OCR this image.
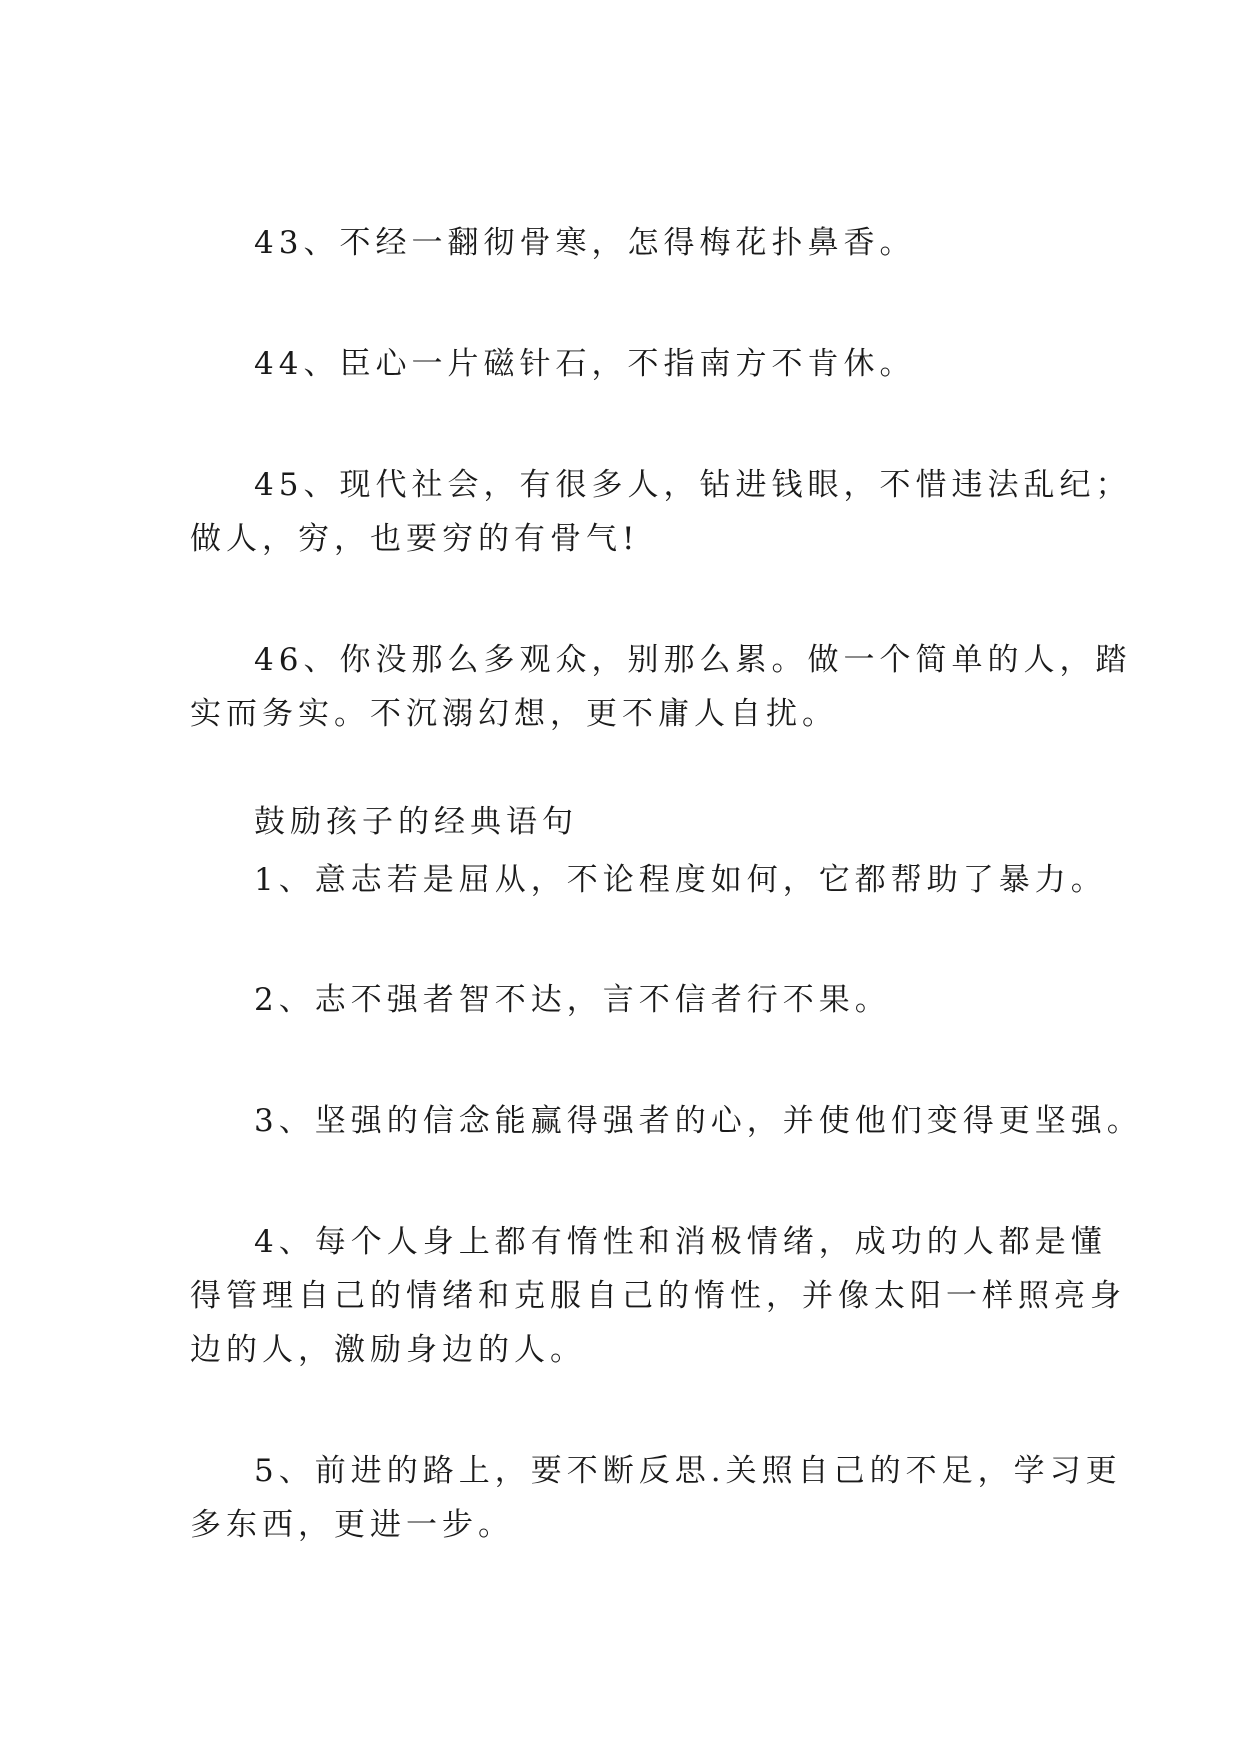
43、不经一翻彻骨寒，怎得梅花扑鼻香。

44、臣心一片磁针石，不指南方不肯休。

45、现代社会，有很多人，钻进钱眼，不惜违法乱纪；

做人，穷，也要穷的有骨气!

46、你没那么多观众，别那么累。做一个简单的人，踏

实而务实。不沉溺幻想，更不庸人自扰。

鼓励孩子的经典语句

1、意志若是屈从，不论程度如何，它都帮助了暴力。

2、志不强者智不达，言不信者行不果。

3、坚强的信念能赢得强者的心，并使他们变得更坚强。

4、每个人身上都有惰性和消极情绪，成功的人都是懂

得管理自己的情绪和克服自己的惰性，并像太阳一样照亮身

边的人，激励身边的人。

5、前进的路上，要不断反思.关照自己的不足，学习更

多东西，更进一步。
